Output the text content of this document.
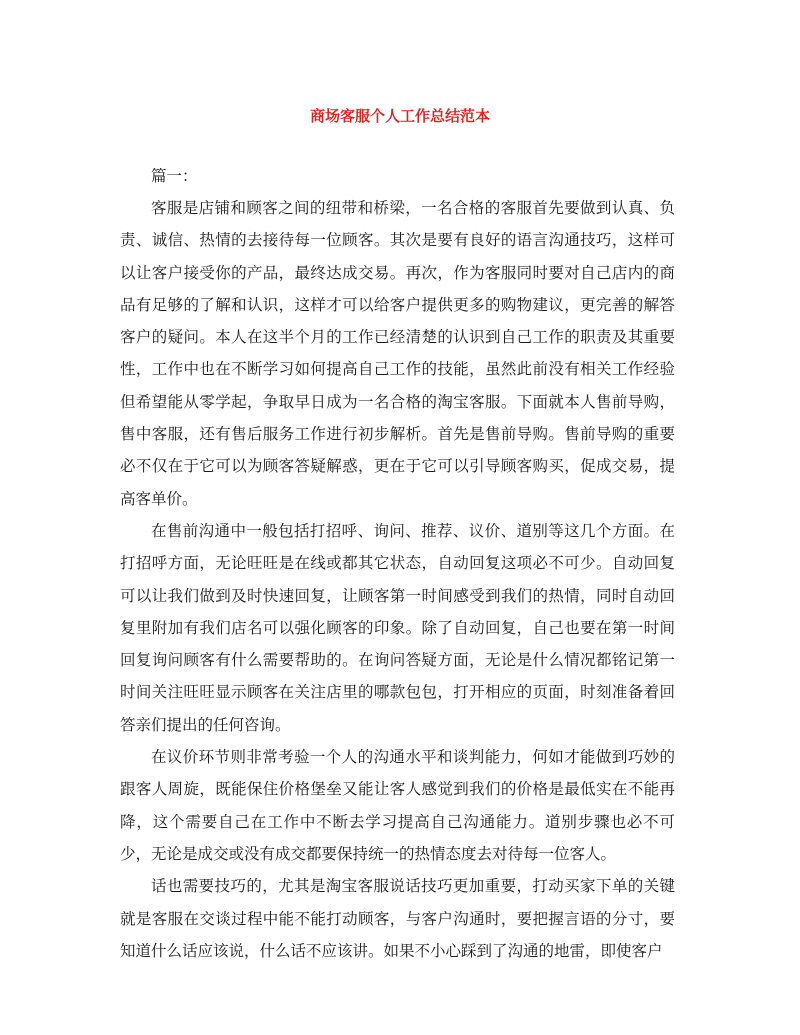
商场客服个人工作总结范本

篇一：

客服是店铺和顾客之间的纽带和桥梁，一名合格的客服首先要做到认真、负责、诚信、热情的去接待每一位顾客。其次是要有良好的语言沟通技巧，这样可以让客户接受你的产品，最终达成交易。再次，作为客服同时要对自己店内的商品有足够的了解和认识，这样才可以给客户提供更多的购物建议，更完善的解答客户的疑问。本人在这半个月的工作已经清楚的认识到自己工作的职责及其重要性，工作中也在不断学习如何提高自己工作的技能，虽然此前没有相关工作经验但希望能从零学起，争取早日成为一名合格的淘宝客服。下面就本人售前导购，售中客服，还有售后服务工作进行初步解析。首先是售前导购。售前导购的重要必不仅在于它可以为顾客答疑解惑，更在于它可以引导顾客购买，促成交易，提高客单价。

在售前沟通中一般包括打招呼、询问、推荐、议价、道别等这几个方面。在打招呼方面，无论旺旺是在线或都其它状态，自动回复这项必不可少。自动回复可以让我们做到及时快速回复，让顾客第一时间感受到我们的热情，同时自动回复里附加有我们店名可以强化顾客的印象。除了自动回复，自己也要在第一时间回复询问顾客有什么需要帮助的。在询问答疑方面，无论是什么情况都铭记第一时间关注旺旺显示顾客在关注店里的哪款包包，打开相应的页面，时刻准备着回答亲们提出的任何咨询。

在议价环节则非常考验一个人的沟通水平和谈判能力，何如才能做到巧妙的跟客人周旋，既能保住价格堡垒又能让客人感觉到我们的价格是最低实在不能再降，这个需要自己在工作中不断去学习提高自己沟通能力。道别步骤也必不可少，无论是成交或没有成交都要保持统一的热情态度去对待每一位客人。

话也需要技巧的，尤其是淘宝客服说话技巧更加重要，打动买家下单的关键就是客服在交谈过程中能不能打动顾客，与客户沟通时，要把握言语的分寸，要知道什么话应该说，什么话不应该讲。如果不小心踩到了沟通的地雷，即使客户
